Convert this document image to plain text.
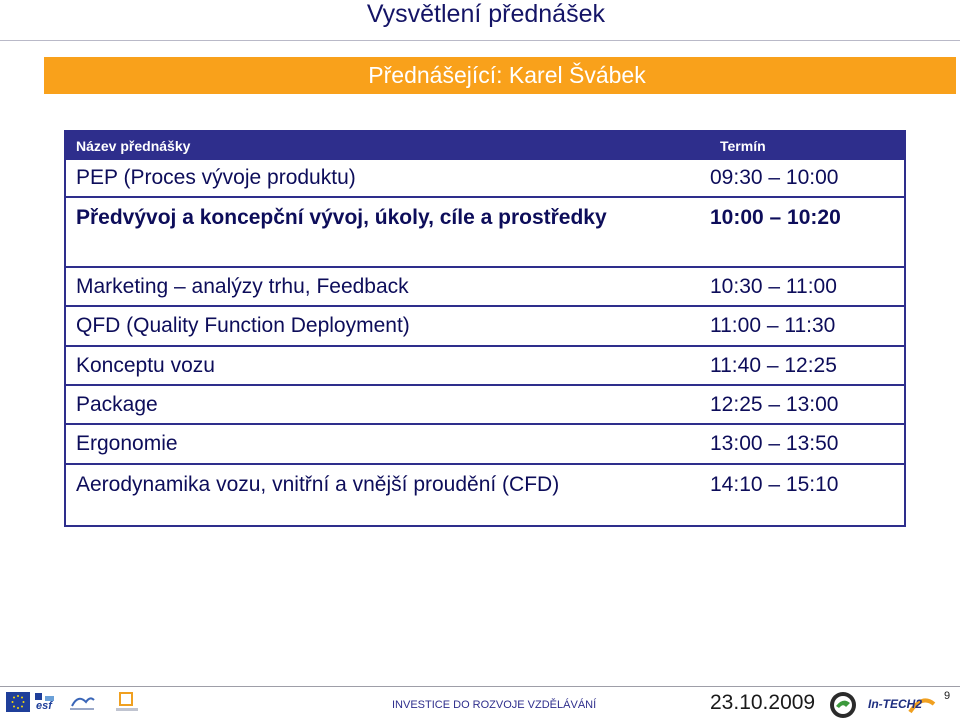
Vysvětlení přednášek
Přednášející: Karel Švábek
Název přednášky	Termín
PEP (Proces vývoje produktu)	09:30 – 10:00
Předvývoj a koncepční vývoj, úkoly, cíle a prostředky	10:00 – 10:20
Marketing – analýzy trhu, Feedback	10:30 – 11:00
QFD (Quality Function Deployment)	11:00 – 11:30
Konceptu vozu	11:40 – 12:25
Package	12:25 – 13:00
Ergonomie	13:00 – 13:50
Aerodynamika vozu, vnitřní a vnější proudění (CFD)	14:10 – 15:10
esf	INVESTICE DO ROZVOJE VZDĚLÁVÁNÍ	23.10.2009	In-TECH2
9
